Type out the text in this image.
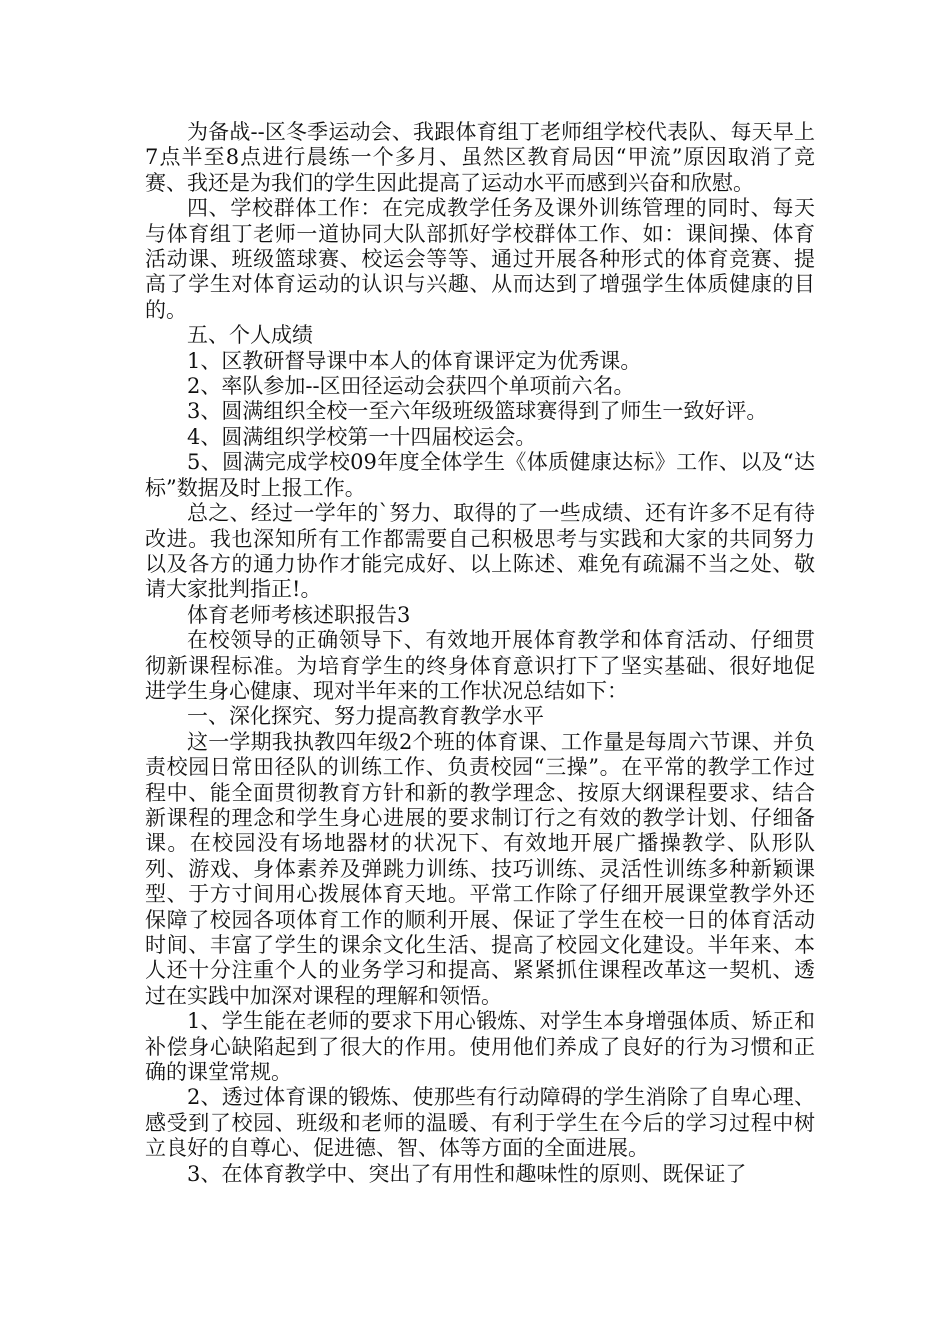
为备战--区冬季运动会、我跟体育组丁老师组学校代表队、每天早上7点半至8点进行晨练一个多月、虽然区教育局因“甲流”原因取消了竞赛、我还是为我们的学生因此提高了运动水平而感到兴奋和欣慰。

四、学校群体工作：在完成教学任务及课外训练管理的同时、每天与体育组丁老师一道协同大队部抓好学校群体工作、如：课间操、体育活动课、班级篮球赛、校运会等等、通过开展各种形式的体育竞赛、提高了学生对体育运动的认识与兴趣、从而达到了增强学生体质健康的目的。

五、个人成绩

1、区教研督导课中本人的体育课评定为优秀课。

2、率队参加--区田径运动会获四个单项前六名。

3、圆满组织全校一至六年级班级篮球赛得到了师生一致好评。

4、圆满组织学校第一十四届校运会。

5、圆满完成学校09年度全体学生《体质健康达标》工作、以及“达标”数据及时上报工作。

总之、经过一学年的`努力、取得的了一些成绩、还有许多不足有待改进。我也深知所有工作都需要自己积极思考与实践和大家的共同努力以及各方的通力协作才能完成好、以上陈述、难免有疏漏不当之处、敬请大家批判指正!。

体育老师考核述职报告3

在校领导的正确领导下、有效地开展体育教学和体育活动、仔细贯彻新课程标准。为培育学生的终身体育意识打下了坚实基础、很好地促进学生身心健康、现对半年来的工作状况总结如下：

一、深化探究、努力提高教育教学水平

这一学期我执教四年级2个班的体育课、工作量是每周六节课、并负责校园日常田径队的训练工作、负责校园“三操”。在平常的教学工作过程中、能全面贯彻教育方针和新的教学理念、按原大纲课程要求、结合新课程的理念和学生身心进展的要求制订行之有效的教学计划、仔细备课。在校园没有场地器材的状况下、有效地开展广播操教学、队形队列、游戏、身体素养及弹跳力训练、技巧训练、灵活性训练多种新颖课型、于方寸间用心拨展体育天地。平常工作除了仔细开展课堂教学外还保障了校园各项体育工作的顺利开展、保证了学生在校一日的体育活动时间、丰富了学生的课余文化生活、提高了校园文化建设。半年来、本人还十分注重个人的业务学习和提高、紧紧抓住课程改革这一契机、透过在实践中加深对课程的理解和领悟。

1、学生能在老师的要求下用心锻炼、对学生本身增强体质、矫正和补偿身心缺陷起到了很大的作用。使用他们养成了良好的行为习惯和正确的课堂常规。

2、透过体育课的锻炼、使那些有行动障碍的学生消除了自卑心理、感受到了校园、班级和老师的温暖、有利于学生在今后的学习过程中树立良好的自尊心、促进德、智、体等方面的全面进展。

3、在体育教学中、突出了有用性和趣味性的原则、既保证了
